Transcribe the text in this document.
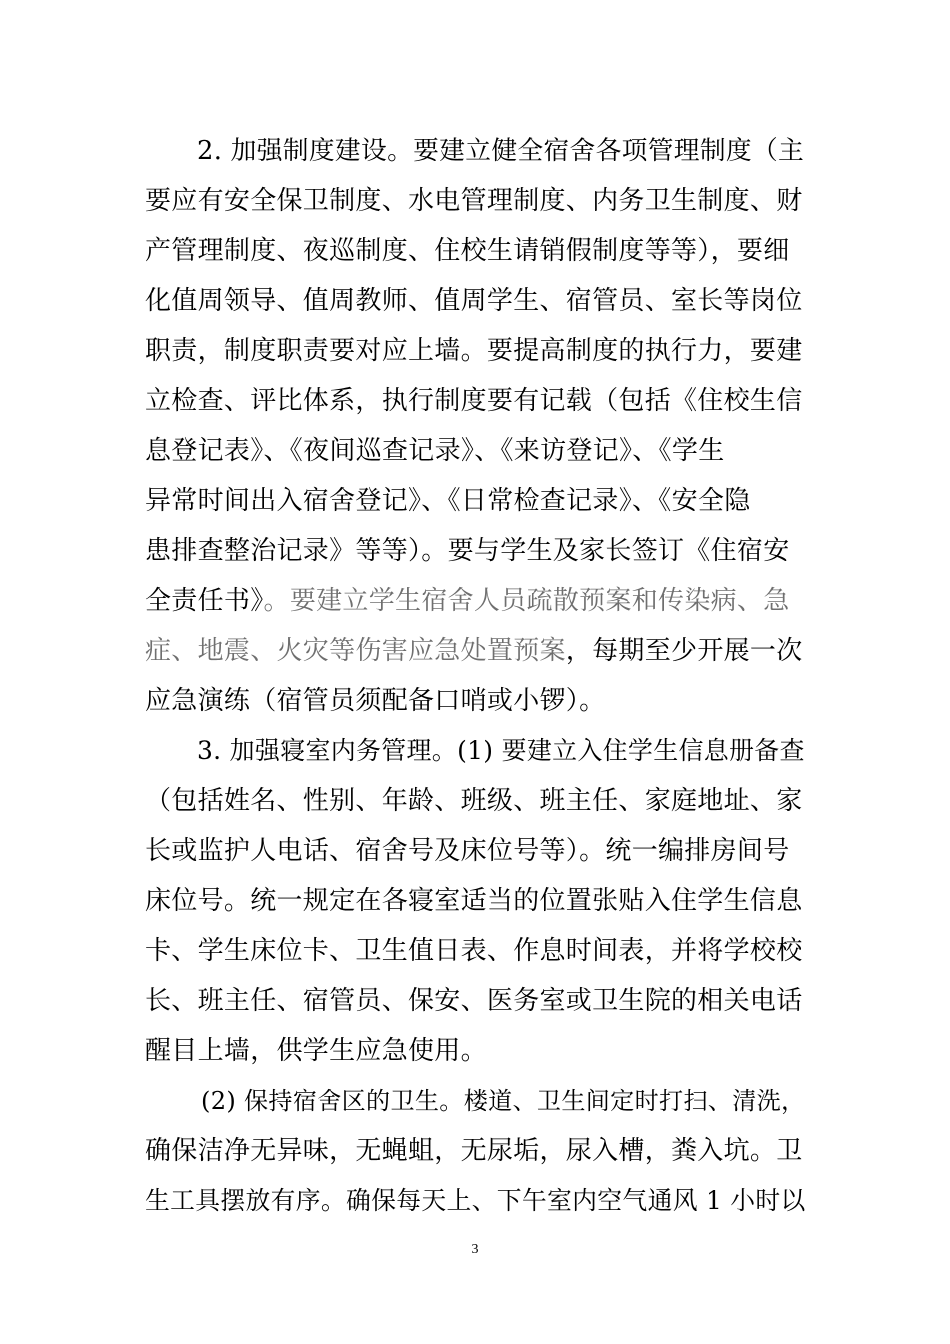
2. 加强制度建设。要建立健全宿舍各项管理制度（主
要应有安全保卫制度、水电管理制度、内务卫生制度、财
产管理制度、夜巡制度、住校生请销假制度等等），要细
化值周领导、值周教师、值周学生、宿管员、室长等岗位
职责，制度职责要对应上墙。要提高制度的执行力，要建
立检查、评比体系，执行制度要有记载（包括《住校生信
息登记表》、《夜间巡查记录》、《来访登记》、《学生
异常时间出入宿舍登记》、《日常检查记录》、《安全隐
患排查整治记录》等等）。要与学生及家长签订《住宿安
全责任书》。要建立学生宿舍人员疏散预案和传染病、急
症、地震、火灾等伤害应急处置预案，每期至少开展一次
应急演练（宿管员须配备口哨或小锣）。
3. 加强寝室内务管理。(1) 要建立入住学生信息册备查
（包括姓名、性别、年龄、班级、班主任、家庭地址、家
长或监护人电话、宿舍号及床位号等）。统一编排房间号
床位号。统一规定在各寝室适当的位置张贴入住学生信息
卡、学生床位卡、卫生值日表、作息时间表，并将学校校
长、班主任、宿管员、保安、医务室或卫生院的相关电话
醒目上墙，供学生应急使用。
(2) 保持宿舍区的卫生。楼道、卫生间定时打扫、清洗，
确保洁净无异味，无蝇蛆，无尿垢，尿入槽，粪入坑。卫
生工具摆放有序。确保每天上、下午室内空气通风 1 小时以
3
